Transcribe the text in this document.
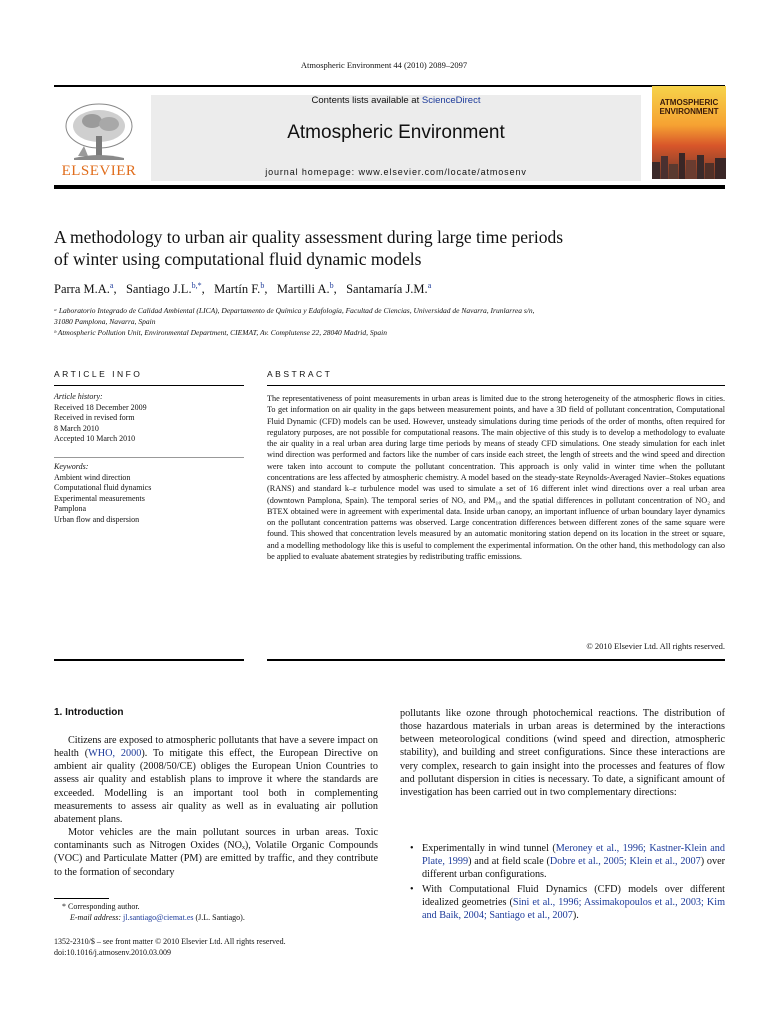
Atmospheric Environment 44 (2010) 2089–2097
Contents lists available at ScienceDirect
Atmospheric Environment
journal homepage: www.elsevier.com/locate/atmosenv
ELSEVIER
ATMOSPHERIC
ENVIRONMENT
A methodology to urban air quality assessment during large time periods
of winter using computational fluid dynamic models
Parra M.A.$^a$,   Santiago J.L.$^{b,*}$,   Martín F.$^b$,   Martilli A.$^b$,   Santamaría J.M.$^a$
ᵃ Laboratorio Integrado de Calidad Ambiental (LICA), Departamento de Química y Edafología, Facultad de Ciencias, Universidad de Navarra, Irunlarrea s/n,
31080 Pamplona, Navarra, Spain
ᵇ Atmospheric Pollution Unit, Environmental Department, CIEMAT, Av. Complutense 22, 28040 Madrid, Spain
ARTICLE INFO
Article history:
Received 18 December 2009
Received in revised form
8 March 2010
Accepted 10 March 2010
Keywords:
Ambient wind direction
Computational fluid dynamics
Experimental measurements
Pamplona
Urban flow and dispersion
ABSTRACT
The representativeness of point measurements in urban areas is limited due to the strong heterogeneity of the atmospheric flows in cities. To get information on air quality in the gaps between measurement points, and have a 3D field of pollutant concentration, Computational Fluid Dynamic (CFD) models can be used. However, unsteady simulations during time periods of the order of months, often required for regulatory purposes, are not possible for computational reasons. The main objective of this study is to develop a methodology to evaluate the air quality in a real urban area during large time periods by means of steady CFD simulations. One steady simulation for each inlet wind direction was performed and factors like the number of cars inside each street, the length of streets and the wind speed and direction were taken into account to compute the pollutant concentration. This approach is only valid in winter time when the pollutant concentrations are less affected by atmospheric chemistry. A model based on the steady-state Reynolds-Averaged Navier–Stokes equations (RANS) and standard k–ε turbulence model was used to simulate a set of 16 different inlet wind directions over a real urban area (downtown Pamplona, Spain). The temporal series of NOₓ and PM₁₀ and the spatial differences in pollutant concentration of NO₂ and BTEX obtained were in agreement with experimental data. Inside urban canopy, an important influence of urban boundary layer dynamics on the pollutant concentration patterns was observed. Large concentration differences between different zones of the same square were found. This showed that concentration levels measured by an automatic monitoring station depend on its location in the street or square, and a modelling methodology like this is useful to complement the experimental information. On the other hand, this methodology can also be applied to evaluate abatement strategies by redistributing traffic emissions.
© 2010 Elsevier Ltd. All rights reserved.
1. Introduction

Citizens are exposed to atmospheric pollutants that have a severe impact on health (WHO, 2000). To mitigate this effect, the European Directive on ambient air quality (2008/50/CE) obliges the European Union Countries to assess air quality and establish plans to improve it where the standards are exceeded. Modelling is an important tool both in complementing measurements to assess air quality as well as in evaluating air pollution abatement plans.

Motor vehicles are the main pollutant sources in urban areas. Toxic contaminants such as Nitrogen Oxides (NOₓ), Volatile Organic Compounds (VOC) and Particulate Matter (PM) are emitted by traffic, and they contribute to the formation of secondary

pollutants like ozone through photochemical reactions. The distribution of those hazardous materials in urban areas is determined by the interactions between meteorological conditions (wind speed and direction, atmospheric stability), and building and street configurations. Since these interactions are very complex, research to gain insight into the processes and features of flow and pollutant dispersion in cities is necessary. To date, a significant amount of investigation has been carried out in two complementary directions:

• Experimentally in wind tunnel (Meroney et al., 1996; Kastner-Klein and Plate, 1999) and at field scale (Dobre et al., 2005; Klein et al., 2007) over different urban configurations.
• With Computational Fluid Dynamics (CFD) models over different idealized geometries (Sini et al., 1996; Assimakopoulos et al., 2003; Kim and Baik, 2004; Santiago et al., 2007).
* Corresponding author.
E-mail address: jl.santiago@ciemat.es (J.L. Santiago).
1352-2310/$ – see front matter © 2010 Elsevier Ltd. All rights reserved.
doi:10.1016/j.atmosenv.2010.03.009
